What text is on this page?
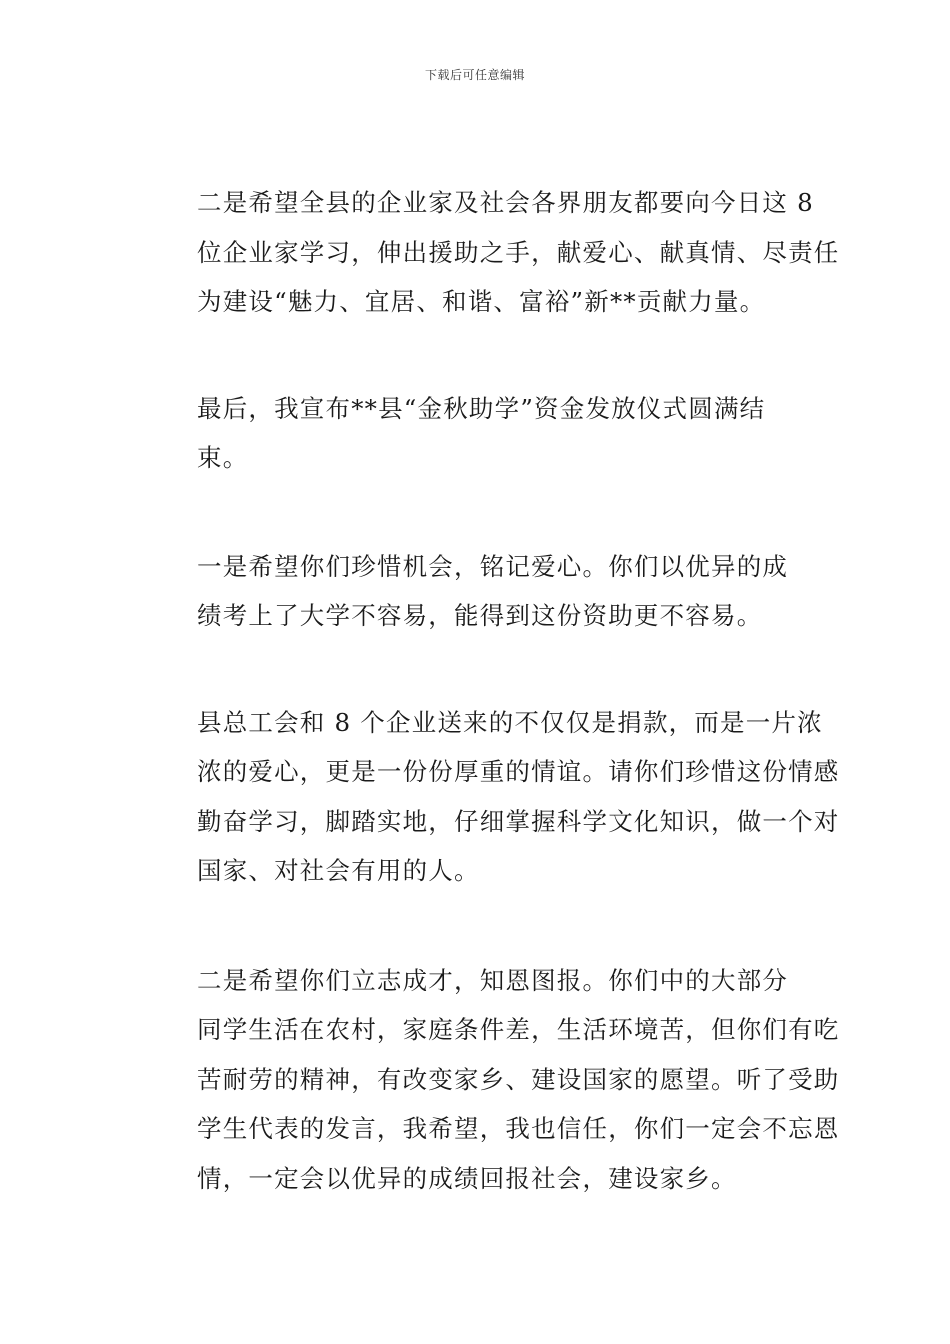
下载后可任意编辑

二是希望全县的企业家及社会各界朋友都要向今日这 8
位企业家学习，伸出援助之手，献爱心、献真情、尽责任
为建设“魅力、宜居、和谐、富裕”新**贡献力量。

最后，我宣布**县“金秋助学”资金发放仪式圆满结
束。

一是希望你们珍惜机会，铭记爱心。你们以优异的成
绩考上了大学不容易，能得到这份资助更不容易。

县总工会和 8 个企业送来的不仅仅是捐款，而是一片浓
浓的爱心，更是一份份厚重的情谊。请你们珍惜这份情感
勤奋学习，脚踏实地，仔细掌握科学文化知识，做一个对
国家、对社会有用的人。

二是希望你们立志成才，知恩图报。你们中的大部分
同学生活在农村，家庭条件差，生活环境苦，但你们有吃
苦耐劳的精神，有改变家乡、建设国家的愿望。听了受助
学生代表的发言，我希望，我也信任，你们一定会不忘恩
情，一定会以优异的成绩回报社会，建设家乡。
